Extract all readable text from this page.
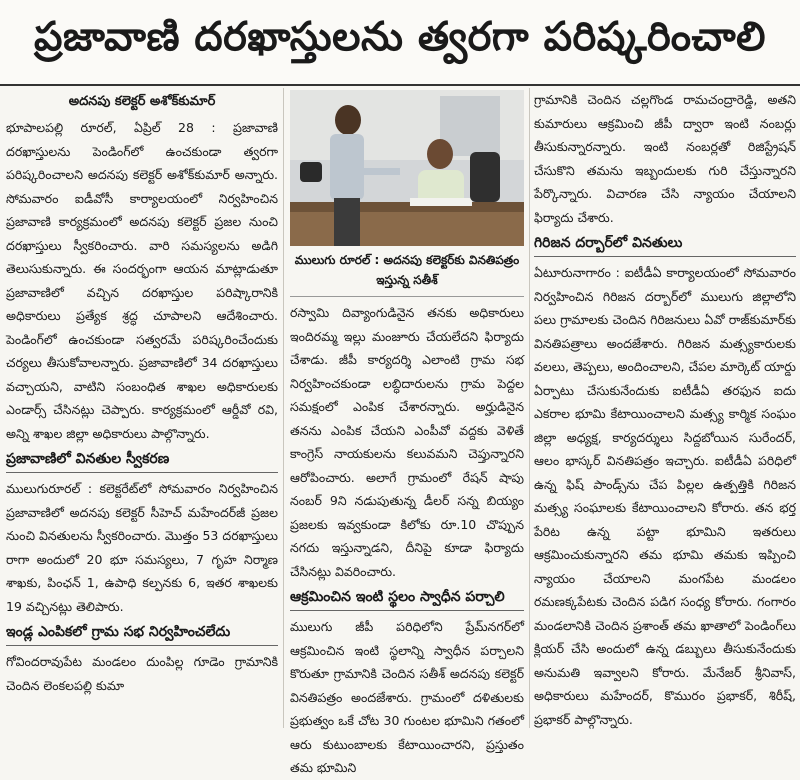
ప్రజావాణి దరఖాస్తులను త్వరగా పరిష్కరించాలి
అదనపు కలెక్టర్ అశోక్‌కుమార్

భూపాలపల్లి రూరల్, ఏప్రిల్ 28 : ప్రజావాణి దరఖాస్తులను పెండింగ్‌లో ఉంచకుండా త్వరగా పరిష్కరించాలని అదనపు కలెక్టర్ అశోక్‌కుమార్ అన్నారు. సోమవారం ఐడీవోసీ కార్యాలయంలో నిర్వహించిన ప్రజావాణి కార్యక్రమంలో అదనపు కలెక్టర్ ప్రజల నుంచి దరఖాస్తులు స్వీకరించారు. వారి సమస్యలను అడిగి తెలుసుకున్నారు. ఈ సందర్భంగా ఆయన మాట్లాడుతూ ప్రజావాణిలో వచ్చిన దరఖాస్తుల పరిష్కారానికి అధికారులు ప్రత్యేక శ్రద్ధ చూపాలని ఆదేశించారు. పెండింగ్‌లో ఉంచకుండా సత్వరమే పరిష్కరించేందుకు చర్యలు తీసుకోవాలన్నారు. ప్రజావాణిలో 34 దరఖాస్తులు వచ్చాయని, వాటిని సంబంధిత శాఖల అధికారులకు ఎండార్స్ చేసినట్లు చెప్పారు. కార్యక్రమంలో ఆర్డీవో రవి, అన్ని శాఖల జిల్లా అధికారులు పాల్గొన్నారు.

ప్రజావాణిలో వినతుల స్వీకరణ

ములుగురూరల్ : కలెక్టరేట్‌లో సోమవారం నిర్వహించిన ప్రజావాణిలో అదనపు కలెక్టర్ సీహెచ్ మహేందర్‌జీ ప్రజల నుంచి వినతులను స్వీకరించారు. మొత్తం 53 దరఖాస్తులు రాగా అందులో 20 భూ సమస్యలు, 7 గృహ నిర్మాణ శాఖకు, పింఛన్ 1, ఉపాధి కల్పనకు 6, ఇతర శాఖలకు 19 వచ్చినట్లు తెలిపారు.

ఇండ్ల ఎంపికలో గ్రామ సభ నిర్వహించలేదు

గోవిందరావుపేట మండలం దుంపిల్ల గూడెం గ్రామానికి చెందిన లెంకలపల్లి కుమా

ములుగు రూరల్ : అదనపు కలెక్టర్‌కు వినతిపత్రం ఇస్తున్న సతీశ్

రస్వామి దివ్యాంగుడినైన తనకు అధికారులు ఇందిరమ్మ ఇల్లు మంజూరు చేయలేదని ఫిర్యాదు చేశాడు. జీపీ కార్యదర్శి ఎలాంటి గ్రామ సభ నిర్వహించకుండా లబ్ధిదారులను గ్రామ పెద్దల సమక్షంలో ఎంపిక చేశారన్నారు. అర్హుడినైన తనను ఎంపిక చేయని ఎంపీవో వద్దకు వెళితే కాంగ్రెస్ నాయకులను కలువమని చెప్తున్నారని ఆరోపించారు. అలాగే గ్రామంలో రేషన్ షాపు నంబర్ 9ని నడుపుతున్న డీలర్ సన్న బియ్యం ప్రజలకు ఇవ్వకుండా కిలోకు రూ.10 చొప్పున నగదు ఇస్తున్నాడని, దీనిపై కూడా ఫిర్యాదు చేసినట్లు వివరించారు.

ఆక్రమించిన ఇంటి స్థలం స్వాధీన పర్చాలి

ములుగు జీపీ పరిధిలోని ప్రేమ్‌నగర్‌లో ఆక్రమించిన ఇంటి స్థలాన్ని స్వాధీన పర్చాలని కొరుతూ గ్రామానికి చెందిన సతీశ్ అదనపు కలెక్టర్ వినతిపత్రం అందజేశారు. గ్రామంలో దళితులకు ప్రభుత్వం ఒకే చోట 30 గుంటల భూమిని గతంలో ఆరు కుటుంబాలకు కేటాయించారని, ప్రస్తుతం తమ భూమిని

గ్రామానికి చెందిన చల్లగొండ రామచంద్రారెడ్డి, అతని కుమారులు ఆక్రమించి జీపీ ద్వారా ఇంటి నంబర్లు తీసుకున్నారన్నారు. ఇంటి నంబర్లతో రిజిస్ట్రేషన్ చేసుకొని తమను ఇబ్బందులకు గురి చేస్తున్నారని పేర్కొన్నారు. విచారణ చేసి న్యాయం చేయాలని ఫిర్యాదు చేశారు.

గిరిజన దర్బార్‌లో వినతులు

ఏటూరునాగారం : ఐటీడీఏ కార్యాలయంలో సోమవారం నిర్వహించిన గిరిజన దర్బార్‌లో ములుగు జిల్లాలోని పలు గ్రామాలకు చెందిన గిరిజనులు ఏవో రాజ్‌కుమార్‌కు వినతిపత్రాలు అందజేశారు. గిరిజన మత్స్యకారులకు వలలు, తెప్పలు, అందించాలని, చేపల మార్కెట్ యార్డు ఏర్పాటు చేసుకునేందుకు ఐటీడీఏ తరఫున ఐదు ఎకరాల భూమి కేటాయించాలని మత్స్య కార్మిక సంఘం జిల్లా అధ్యక్ష, కార్యదర్శులు సిద్దబోయిన సురేందర్, ఆలం భాస్కర్ వినతిపత్రం ఇచ్చారు. ఐటీడీఏ పరిధిలో ఉన్న ఫిష్ పాండ్స్‌ను చేప పిల్లల ఉత్పత్తికి గిరిజన మత్స్య సంఘాలకు కేటాయించాలని కోరారు. తన భర్త పేరిట ఉన్న పట్టా భూమిని ఇతరులు ఆక్రమించుకున్నారని తమ భూమి తమకు ఇప్పించి న్యాయం చేయాలని మంగపేట మండలం రమణక్కపేటకు చెందిన పడిగ సంధ్య కోరారు. గంగారం మండలానికి చెందిన ప్రశాంత్ తమ ఖాతాలో పెండింగ్‌లు క్లియర్ చేసి అందులో ఉన్న డబ్బులు తీసుకునేందుకు అనుమతి ఇవ్వాలని కోరారు. మేనేజర్ శ్రీనివాస్, అధికారులు మహేందర్, కొమురం ప్రభాకర్, శిరీష్, ప్రభాకర్ పాల్గొన్నారు.
